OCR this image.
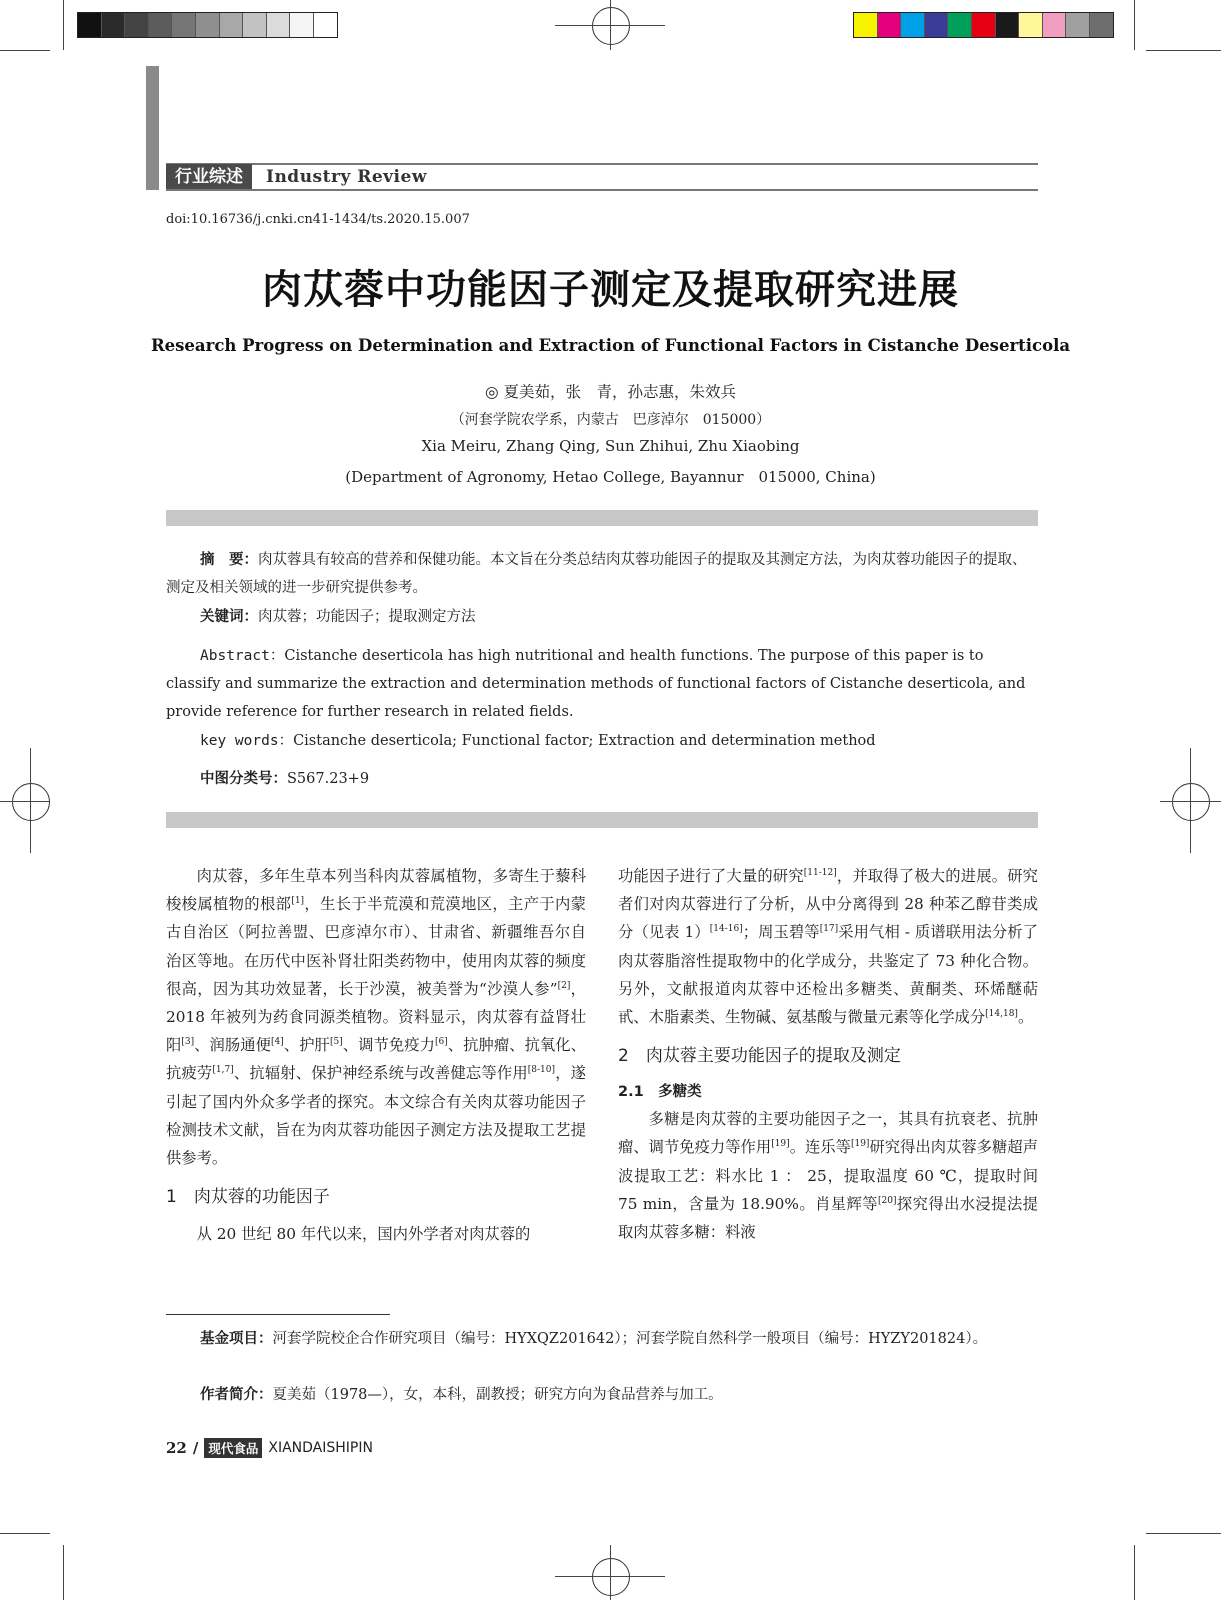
行业综述	Industry Review
doi:10.16736/j.cnki.cn41-1434/ts.2020.15.007
肉苁蓉中功能因子测定及提取研究进展
Research Progress on Determination and Extraction of Functional Factors in Cistanche Deserticola
◎ 夏美茹，张　青，孙志惠，朱效兵
（河套学院农学系，内蒙古　巴彦淖尔　015000）
Xia Meiru, Zhang Qing, Sun Zhihui, Zhu Xiaobing
(Department of Agronomy, Hetao College, Bayannur　015000, China)
摘　要：肉苁蓉具有较高的营养和保健功能。本文旨在分类总结肉苁蓉功能因子的提取及其测定方法，为肉苁蓉功能因子的提取、测定及相关领域的进一步研究提供参考。
关键词：肉苁蓉；功能因子；提取测定方法
Abstract：Cistanche deserticola has high nutritional and health functions. The purpose of this paper is to classify and summarize the extraction and determination methods of functional factors of Cistanche deserticola, and provide reference for further research in related fields.
key words：Cistanche deserticola; Functional factor; Extraction and determination method
中图分类号：S567.23+9

肉苁蓉，多年生草本列当科肉苁蓉属植物，多寄生于藜科梭梭属植物的根部[1]，生长于半荒漠和荒漠地区，主产于内蒙古自治区（阿拉善盟、巴彦淖尔市）、甘肃省、新疆维吾尔自治区等地。在历代中医补肾壮阳类药物中，使用肉苁蓉的频度很高，因为其功效显著，长于沙漠，被美誉为“沙漠人参”[2]，2018 年被列为药食同源类植物。资料显示，肉苁蓉有益肾壮阳[3]、润肠通便[4]、护肝[5]、调节免疫力[6]、抗肿瘤、抗氧化、抗疲劳[1,7]、抗辐射、保护神经系统与改善健忘等作用[8-10]，遂引起了国内外众多学者的探究。本文综合有关肉苁蓉功能因子检测技术文献，旨在为肉苁蓉功能因子测定方法及提取工艺提供参考。

1　肉苁蓉的功能因子

从 20 世纪 80 年代以来，国内外学者对肉苁蓉的

功能因子进行了大量的研究[11-12]，并取得了极大的进展。研究者们对肉苁蓉进行了分析，从中分离得到 28 种苯乙醇苷类成分（见表 1）[14-16]；周玉碧等[17]采用气相 - 质谱联用法分析了肉苁蓉脂溶性提取物中的化学成分，共鉴定了 73 种化合物。另外，文献报道肉苁蓉中还检出多糖类、黄酮类、环烯醚萜甙、木脂素类、生物碱、氨基酸与微量元素等化学成分[14,18]。

2　肉苁蓉主要功能因子的提取及测定
2.1　多糖类

多糖是肉苁蓉的主要功能因子之一，其具有抗衰老、抗肿瘤、调节免疫力等作用[19]。连乐等[19]研究得出肉苁蓉多糖超声波提取工艺：料水比 1 ： 25，提取温度 60 ℃，提取时间 75 min，含量为 18.90%。肖星辉等[20]探究得出水浸提法提取肉苁蓉多糖：料液

基金项目：河套学院校企合作研究项目（编号：HYXQZ201642）；河套学院自然科学一般项目（编号：HYZY201824）。
作者简介：夏美茹（1978—），女，本科，副教授；研究方向为食品营养与加工。
22 / 现代食品 XIANDAISHIPIN
